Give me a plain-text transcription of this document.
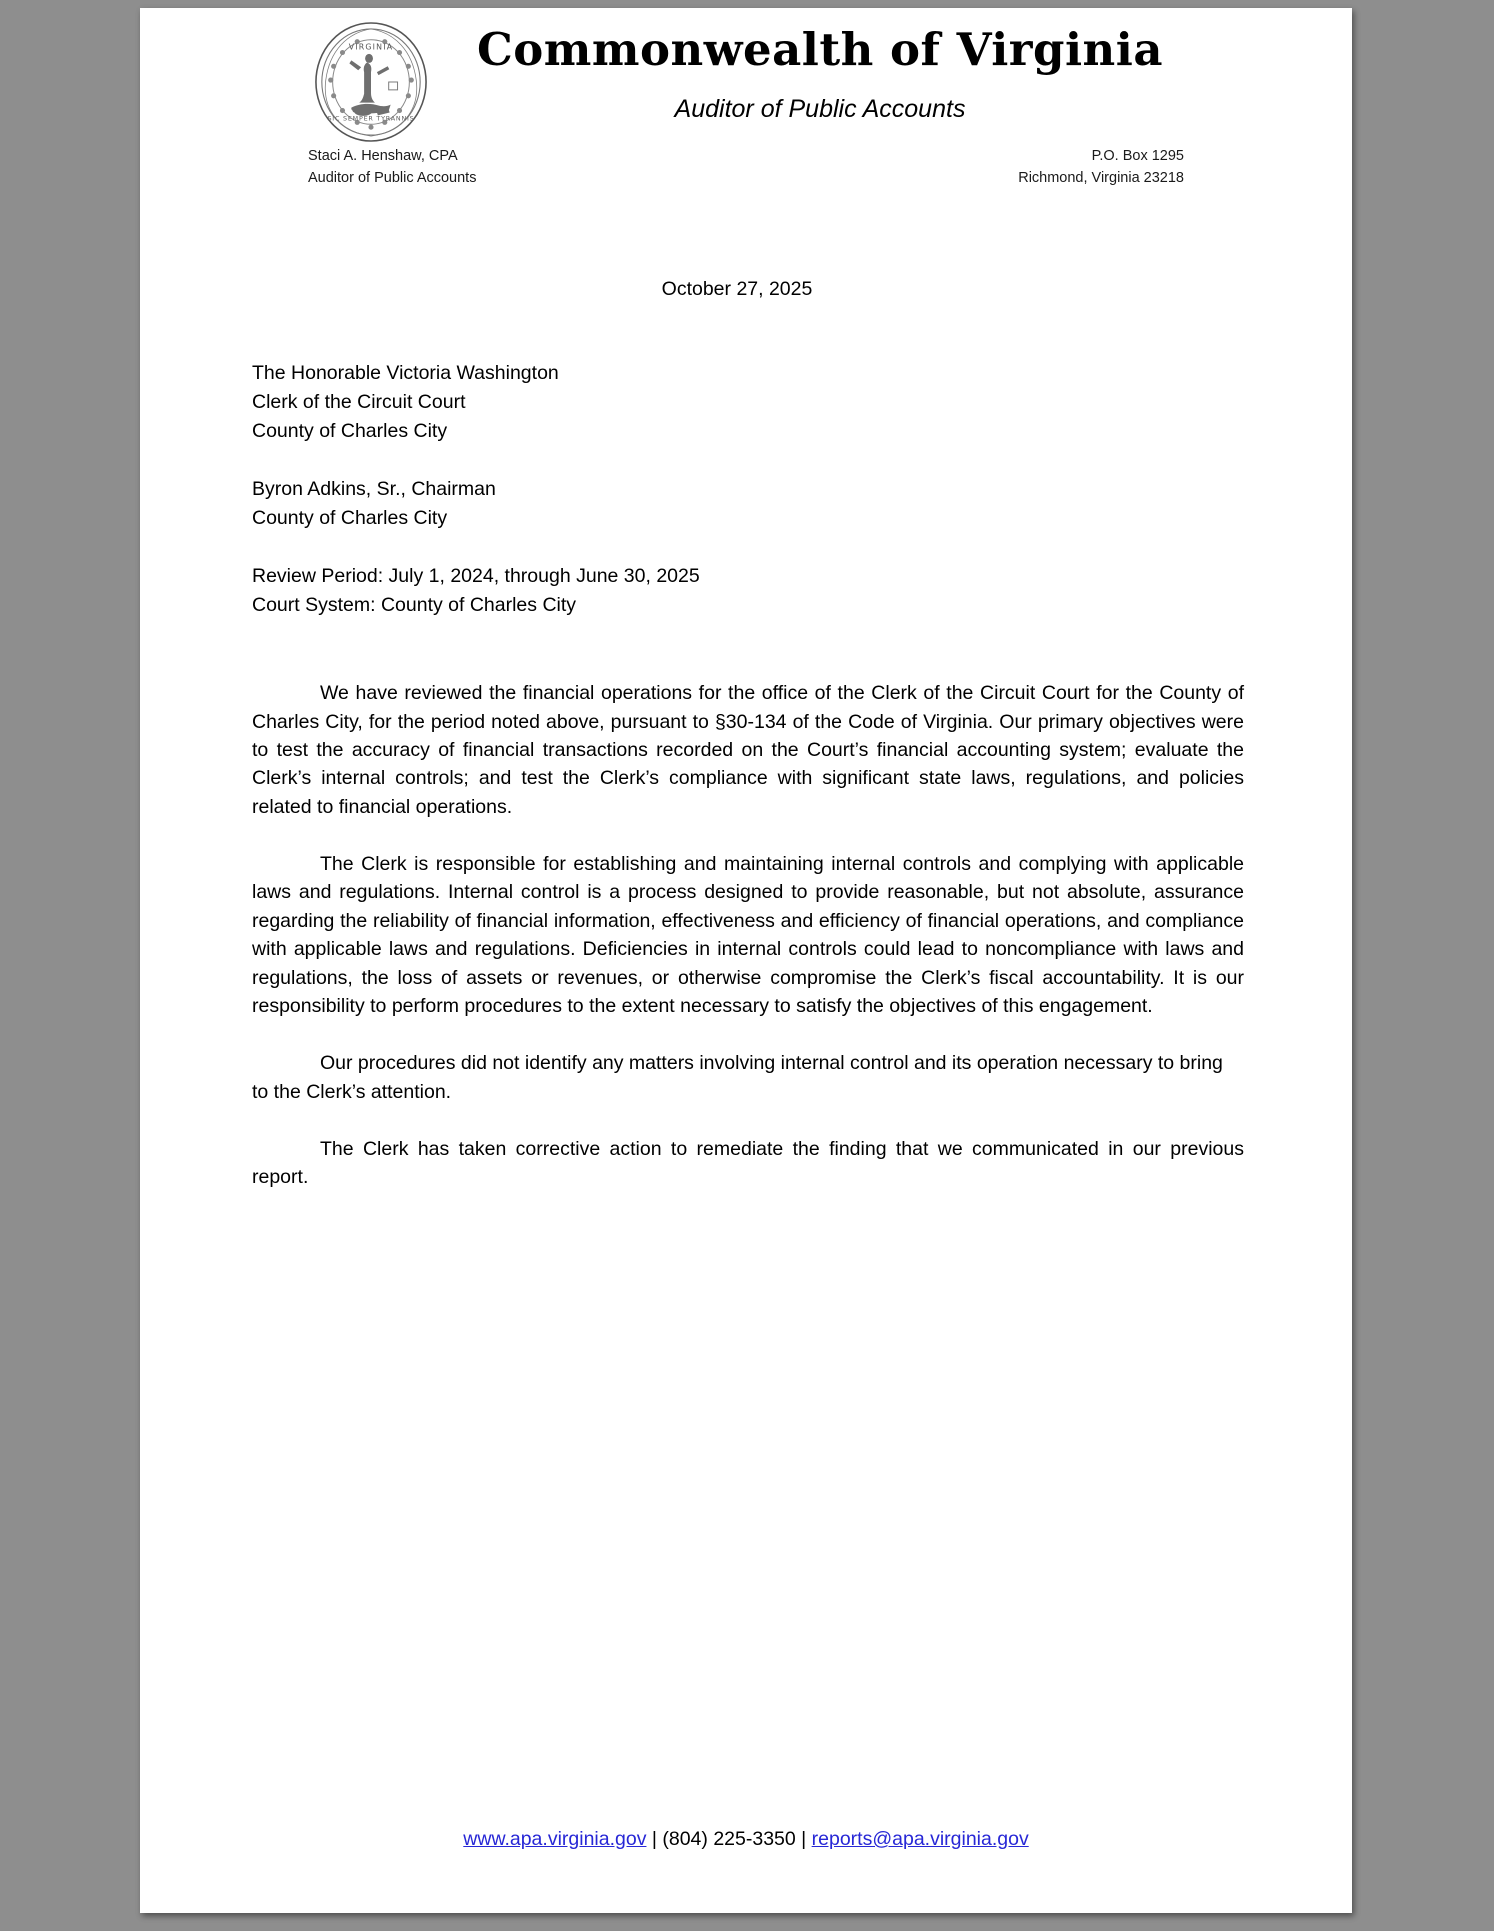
VIRGINIA
SIC SEMPER TYRANNIS
Commonwealth of Virginia
Auditor of Public Accounts
Staci A. Henshaw, CPA
Auditor of Public Accounts
P.O. Box 1295
Richmond, Virginia 23218
October 27, 2025
The Honorable Victoria Washington
Clerk of the Circuit Court
County of Charles City
Byron Adkins, Sr., Chairman
County of Charles City
Review Period: July 1, 2024, through June 30, 2025
Court System: County of Charles City

We have reviewed the financial operations for the office of the Clerk of the Circuit Court for the County of Charles City, for the period noted above, pursuant to §30-134 of the Code of Virginia. Our primary objectives were to test the accuracy of financial transactions recorded on the Court’s financial accounting system; evaluate the Clerk’s internal controls; and test the Clerk’s compliance with significant state laws, regulations, and policies related to financial operations.

The Clerk is responsible for establishing and maintaining internal controls and complying with applicable laws and regulations. Internal control is a process designed to provide reasonable, but not absolute, assurance regarding the reliability of financial information, effectiveness and efficiency of financial operations, and compliance with applicable laws and regulations. Deficiencies in internal controls could lead to noncompliance with laws and regulations, the loss of assets or revenues, or otherwise compromise the Clerk’s fiscal accountability. It is our responsibility to perform procedures to the extent necessary to satisfy the objectives of this engagement.

Our procedures did not identify any matters involving internal control and its operation necessary to bring to the Clerk’s attention.

The Clerk has taken corrective action to remediate the finding that we communicated in our previous report.

www.apa.virginia.gov | (804) 225-3350 | reports@apa.virginia.gov
